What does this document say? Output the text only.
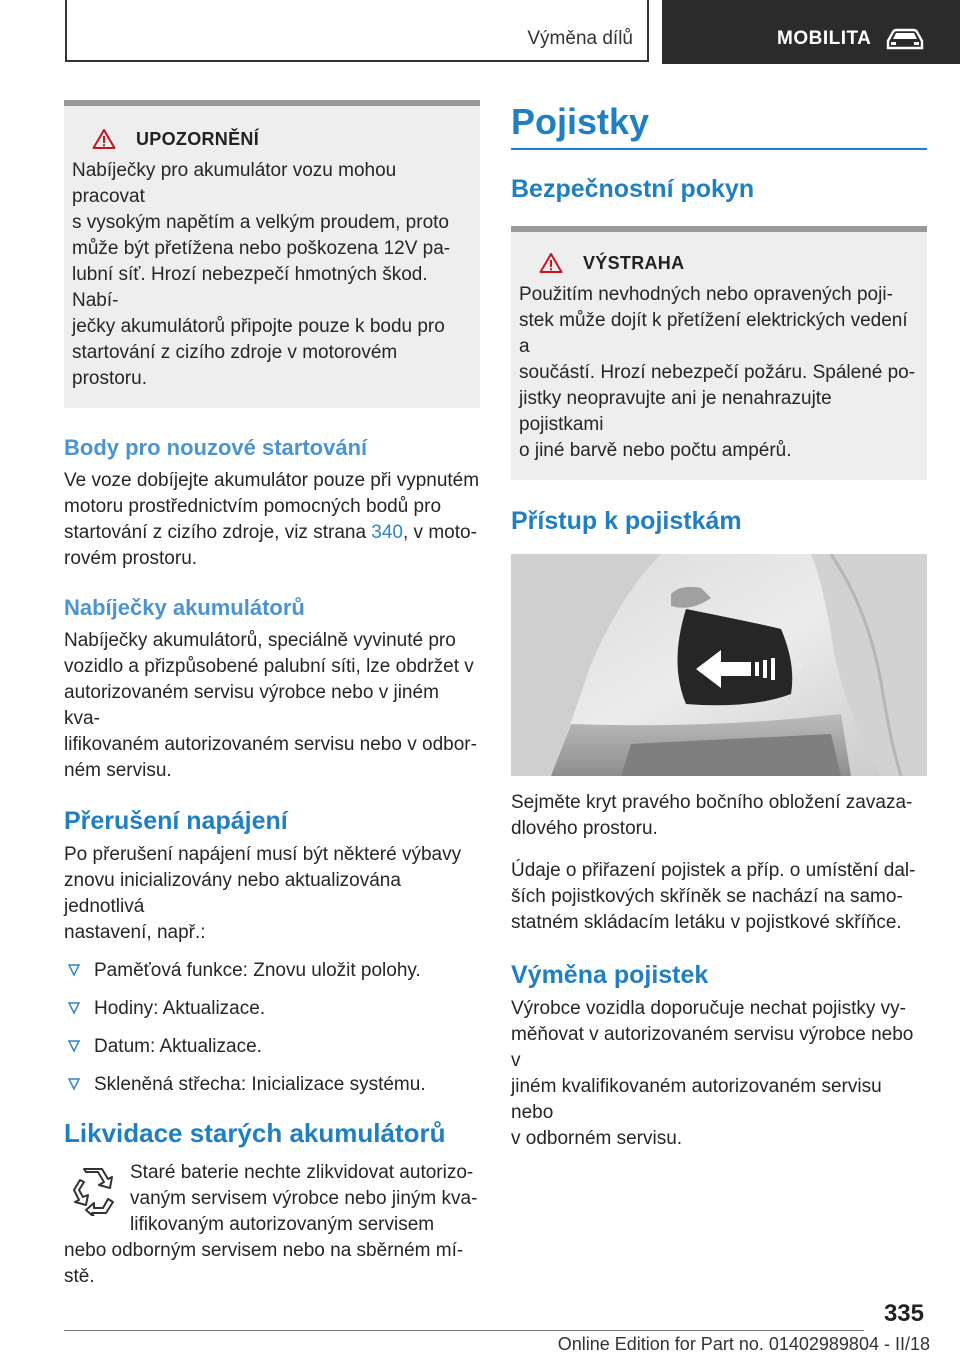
Výměna dílů	MOBILITA
UPOZORNĚNÍ

Nabíječky pro akumulátor vozu mohou pracovat

s vysokým napětím a velkým proudem, proto

může být přetížena nebo poškozena 12V pa-

lubní síť. Hrozí nebezpečí hmotných škod. Nabí-

ječky akumulátorů připojte pouze k bodu pro

startování z cizího zdroje v motorovém prostoru.

Body pro nouzové startování

Ve voze dobíjejte akumulátor pouze při vypnutém

motoru prostřednictvím pomocných bodů pro

startování z cizího zdroje, viz strana 340, v moto-

rovém prostoru.

Nabíječky akumulátorů

Nabíječky akumulátorů, speciálně vyvinuté pro

vozidlo a přizpůsobené palubní síti, lze obdržet v

autorizovaném servisu výrobce nebo v jiném kva-

lifikovaném autorizovaném servisu nebo v odbor-

ném servisu.

Přerušení napájení

Po přerušení napájení musí být některé výbavy

znovu inicializovány nebo aktualizována jednotlivá

nastavení, např.:

Paměťová funkce: Znovu uložit polohy.
Hodiny: Aktualizace.
Datum: Aktualizace.
Skleněná střecha: Inicializace systému.
Likvidace starých akumulátorů

Staré baterie nechte zlikvidovat autorizo-

vaným servisem výrobce nebo jiným kva-

lifikovaným autorizovaným servisem

nebo odborným servisem nebo na sběrném mí-

stě.

Pojistky
Bezpečnostní pokyn
VÝSTRAHA

Použitím nevhodných nebo opravených poji-

stek může dojít k přetížení elektrických vedení a

součástí. Hrozí nebezpečí požáru. Spálené po-

jistky neopravujte ani je nenahrazujte pojistkami

o jiné barvě nebo počtu ampérů.

Přístup k pojistkám

Sejměte kryt pravého bočního obložení zavaza-

dlového prostoru.

Údaje o přiřazení pojistek a příp. o umístění dal-

ších pojistkových skříněk se nachází na samo-

statném skládacím letáku v pojistkové skříňce.

Výměna pojistek

Výrobce vozidla doporučuje nechat pojistky vy-

měňovat v autorizovaném servisu výrobce nebo v

jiném kvalifikovaném autorizovaném servisu nebo

v odborném servisu.

335
Online Edition for Part no. 01402989804 - II/18
